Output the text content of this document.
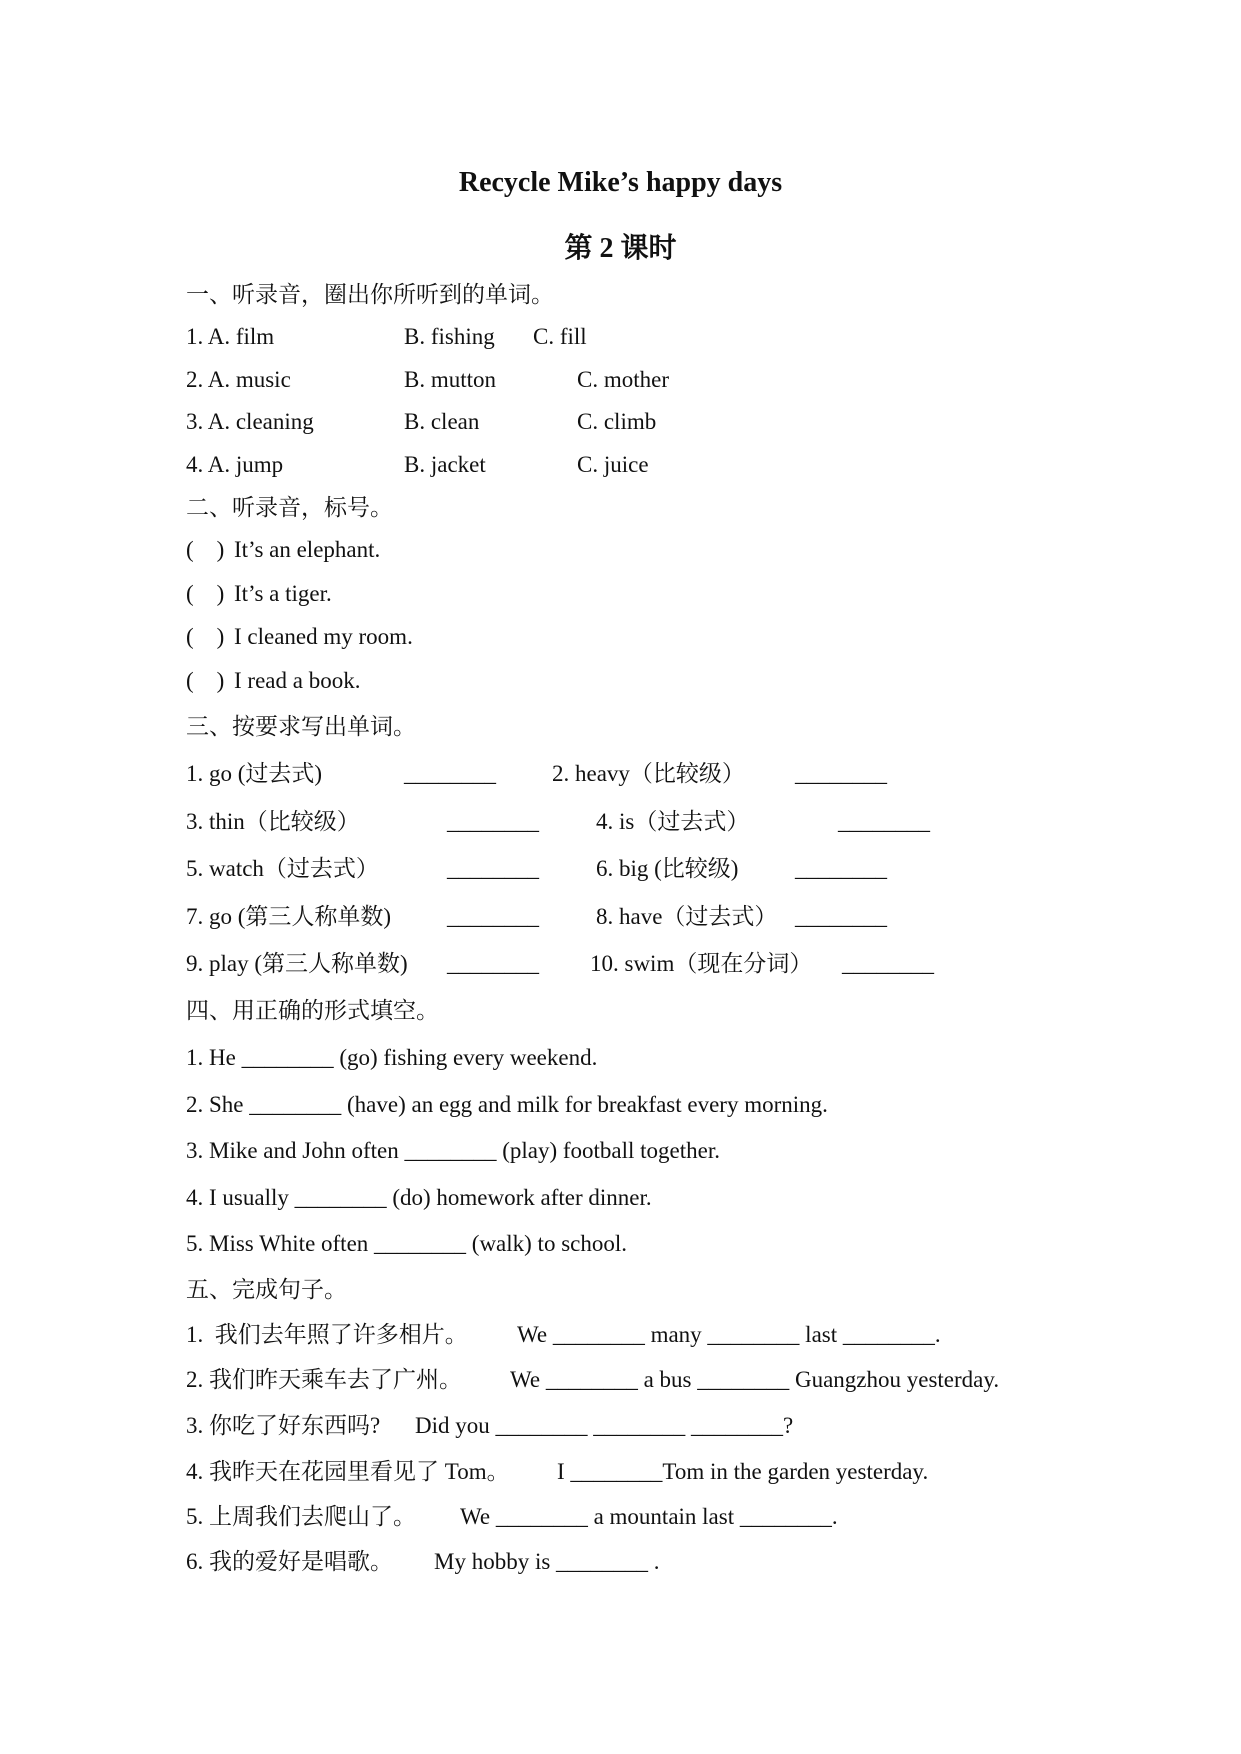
Recycle Mike’s happy days
第 2 课时
一、听录音，圈出你所听到的单词。
1. A. film	B. fishing C. fill
2. A. music	B. mutton	C. mother
3. A. cleaning	B. clean	C. climb
4. A. jump	B. jacket	C. juice
二、听录音，标号。
(    ) It’s an elephant.
(    ) It’s a tiger.
(    ) I cleaned my room.
(    ) I read a book.
三、按要求写出单词。
1. go (过去式)	________ 2. heavy（比较级） ________
3. thin（比较级）	________ 4. is（过去式）	________
5. watch（过去式）	________ 6. big (比较级) ________
7. go (第三人称单数) ________ 8. have（过去式） ________
9. play (第三人称单数) ________ 10. swim（现在分词） ________
四、用正确的形式填空。
1. He ________ (go) fishing every weekend.
2. She ________ (have) an egg and milk for breakfast every morning.
3. Mike and John often ________ (play) football together.
4. I usually ________ (do) homework after dinner.
5. Miss White often ________ (walk) to school.
五、完成句子。
1.  我们去年照了许多相片。 We ________ many ________ last ________.
2. 我们昨天乘车去了广州。 We ________ a bus ________ Guangzhou yesterday.
3. 你吃了好东西吗? Did you ________ ________ ________?
4. 我昨天在花园里看见了 Tom。 I ________Tom in the garden yesterday.
5. 上周我们去爬山了。 We ________ a mountain last ________.
6. 我的爱好是唱歌。 My hobby is ________ .
